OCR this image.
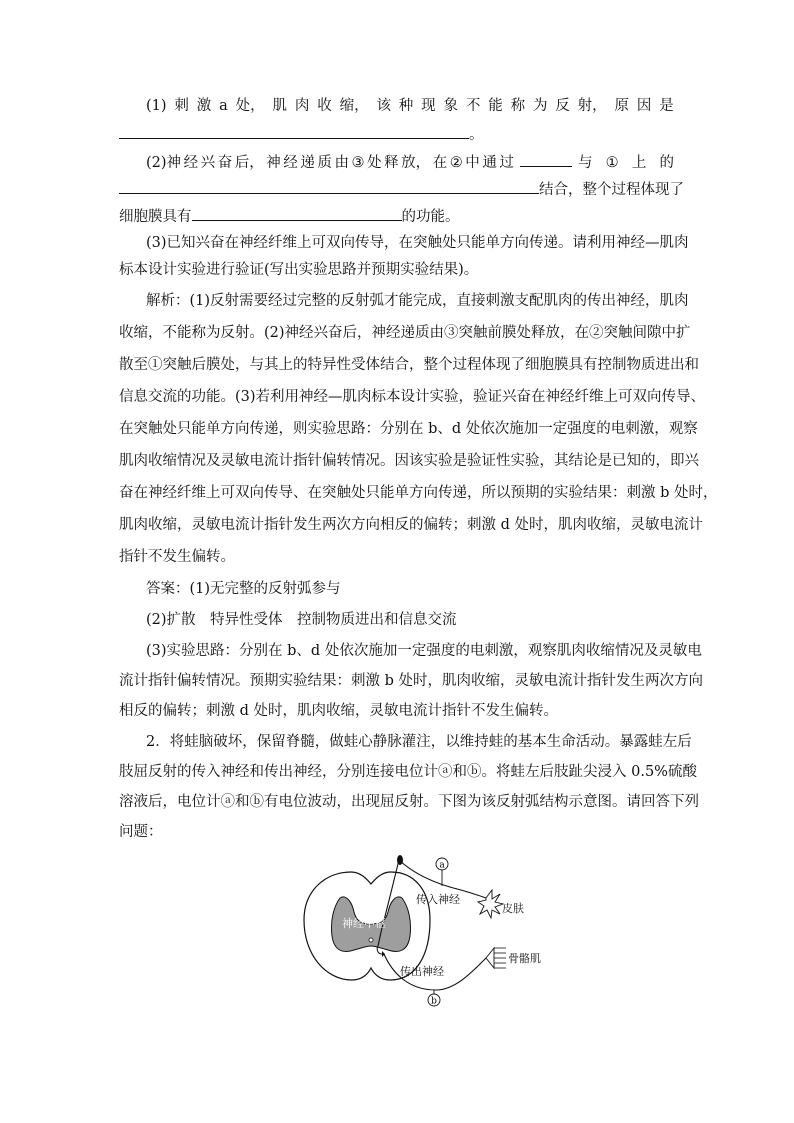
(1) 刺 激 a 处， 肌 肉 收 缩， 该 种 现 象 不 能 称 为 反 射， 原 因 是
。
(2)神 经 兴 奋 后， 神 经 递 质 由 ③ 处 释 放， 在 ② 中 通 过	与 ① 上 的
结合，整个过程体现了
细胞膜具有	的功能。
(3)已知兴奋在神经纤维上可双向传导，在突触处只能单方向传递。请利用神经—肌肉
标本设计实验进行验证(写出实验思路并预期实验结果)。
解析：(1)反射需要经过完整的反射弧才能完成，直接刺激支配肌肉的传出神经，肌肉
收缩，不能称为反射。(2)神经兴奋后，神经递质由③突触前膜处释放，在②突触间隙中扩
散至①突触后膜处，与其上的特异性受体结合，整个过程体现了细胞膜具有控制物质进出和
信息交流的功能。(3)若利用神经—肌肉标本设计实验，验证兴奋在神经纤维上可双向传导、
在突触处只能单方向传递，则实验思路：分别在 b、d 处依次施加一定强度的电刺激，观察
肌肉收缩情况及灵敏电流计指针偏转情况。因该实验是验证性实验，其结论是已知的，即兴
奋在神经纤维上可双向传导、在突触处只能单方向传递，所以预期的实验结果：刺激 b 处时，
肌肉收缩，灵敏电流计指针发生两次方向相反的偏转；刺激 d 处时，肌肉收缩，灵敏电流计
指针不发生偏转。
答案：(1)无完整的反射弧参与
(2)扩散　特异性受体　控制物质进出和信息交流
(3)实验思路：分别在 b、d 处依次施加一定强度的电刺激，观察肌肉收缩情况及灵敏电
流计指针偏转情况。预期实验结果：刺激 b 处时，肌肉收缩，灵敏电流计指针发生两次方向
相反的偏转；刺激 d 处时，肌肉收缩，灵敏电流计指针不发生偏转。
2．将蛙脑破坏，保留脊髓，做蛙心静脉灌注，以维持蛙的基本生命活动。暴露蛙左后
肢屈反射的传入神经和传出神经，分别连接电位计ⓐ和ⓑ。将蛙左后肢趾尖浸入 0.5%硫酸
溶液后，电位计ⓐ和ⓑ有电位波动，出现屈反射。下图为该反射弧结构示意图。请回答下列
问题：
a
b
神经中枢
传入神经
传出神经
皮肤
骨骼肌
